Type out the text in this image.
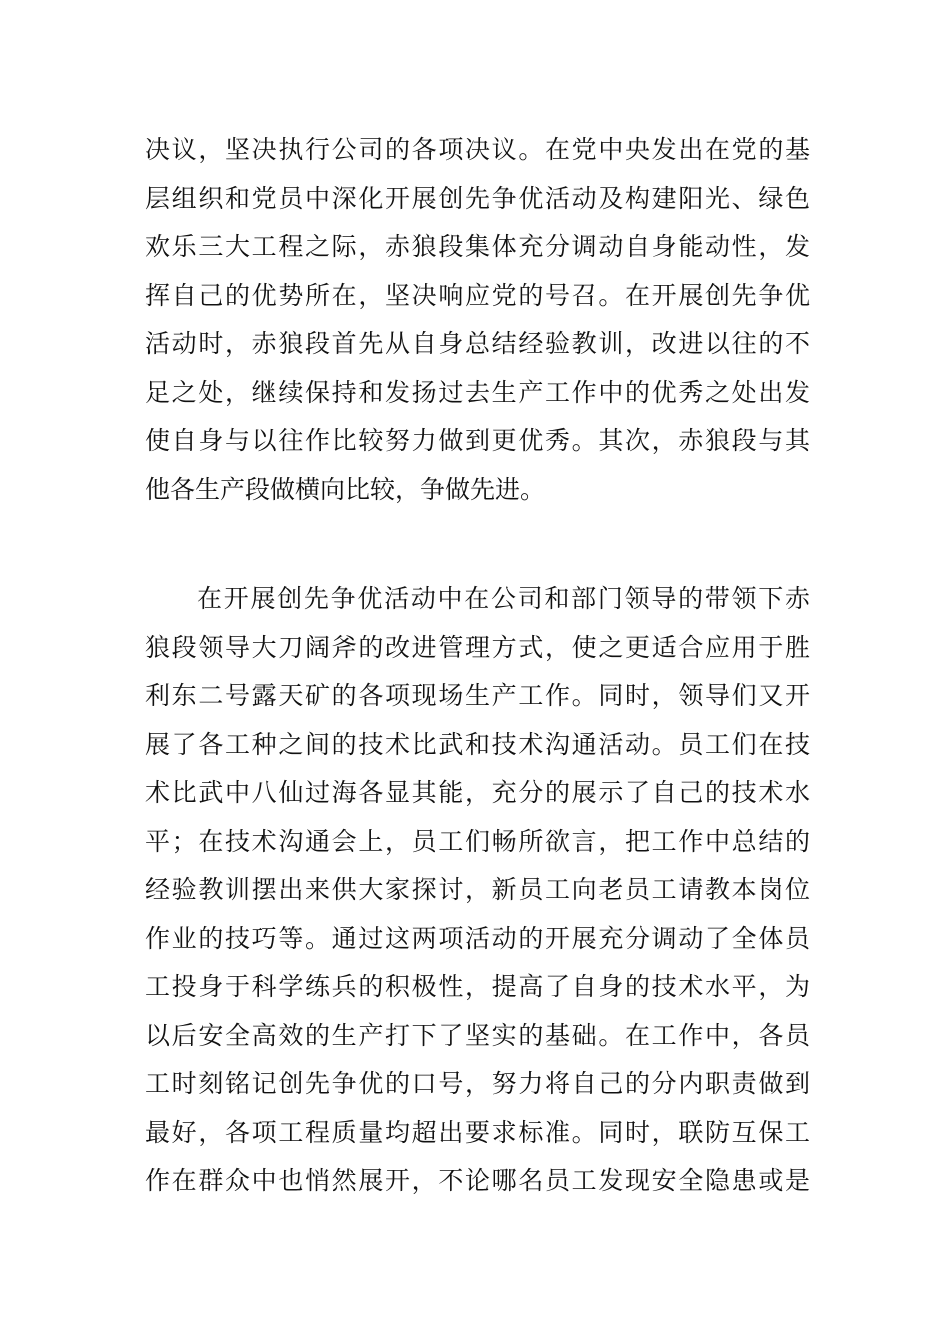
决议，坚决执行公司的各项决议。在党中央发出在党的基
层组织和党员中深化开展创先争优活动及构建阳光、绿色
欢乐三大工程之际，赤狼段集体充分调动自身能动性，发
挥自己的优势所在，坚决响应党的号召。在开展创先争优
活动时，赤狼段首先从自身总结经验教训，改进以往的不
足之处，继续保持和发扬过去生产工作中的优秀之处出发
使自身与以往作比较努力做到更优秀。其次，赤狼段与其
他各生产段做横向比较，争做先进。

在开展创先争优活动中在公司和部门领导的带领下赤
狼段领导大刀阔斧的改进管理方式，使之更适合应用于胜
利东二号露天矿的各项现场生产工作。同时，领导们又开
展了各工种之间的技术比武和技术沟通活动。员工们在技
术比武中八仙过海各显其能，充分的展示了自己的技术水
平；在技术沟通会上，员工们畅所欲言，把工作中总结的
经验教训摆出来供大家探讨，新员工向老员工请教本岗位
作业的技巧等。通过这两项活动的开展充分调动了全体员
工投身于科学练兵的积极性，提高了自身的技术水平，为
以后安全高效的生产打下了坚实的基础。在工作中，各员
工时刻铭记创先争优的口号，努力将自己的分内职责做到
最好，各项工程质量均超出要求标准。同时，联防互保工
作在群众中也悄然展开，不论哪名员工发现安全隐患或是
